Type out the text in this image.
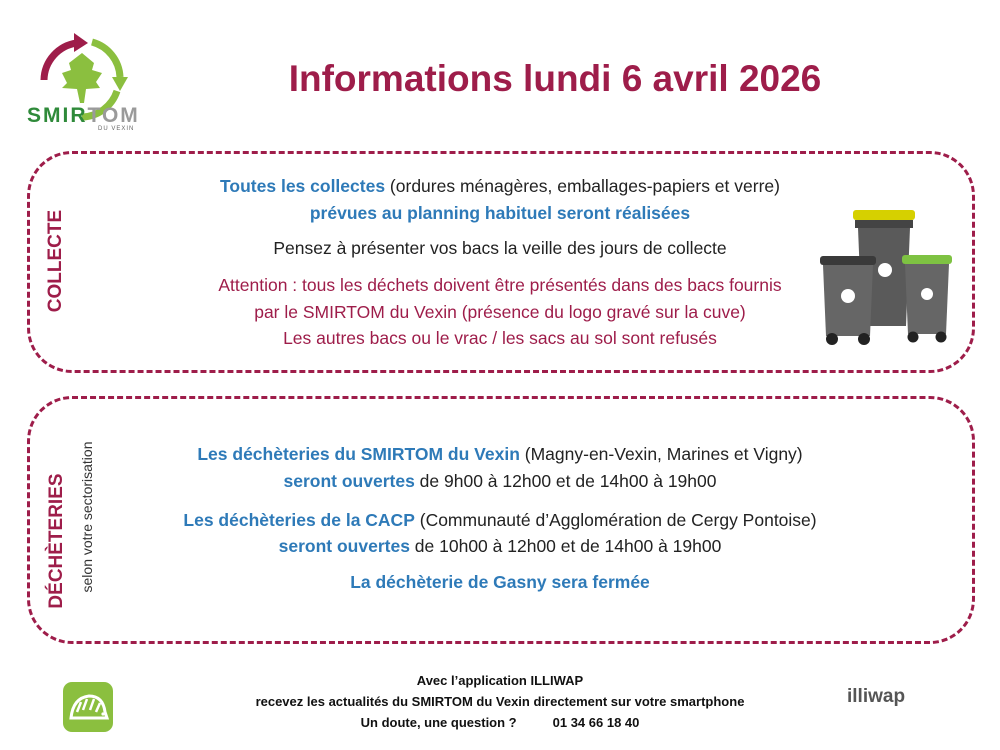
SMIRTOM
DU VEXIN
Informations lundi 6 avril 2026
COLLECTE
Toutes les collectes (ordures ménagères, emballages-papiers et verre)
prévues au planning habituel seront réalisées
Pensez à présenter vos bacs la veille des jours de collecte
Attention : tous les déchets doivent être présentés dans des bacs fournis
par le SMIRTOM du Vexin (présence du logo gravé sur la cuve)
Les autres bacs ou le vrac / les sacs au sol sont refusés
DÉCHÈTERIES selon votre sectorisation	Les déchèteries du SMIRTOM du Vexin (Magny-en-Vexin, Marines et Vigny)
seront ouvertes de 9h00 à 12h00 et de 14h00 à 19h00
Les déchèteries de la CACP (Communauté d’Agglomération de Cergy Pontoise)
seront ouvertes de 10h00 à 12h00 et de 14h00 à 19h00
La déchèterie de Gasny sera fermée
Avec l’application ILLIWAP
recevez les actualités du SMIRTOM du Vexin directement sur votre smartphone
Un doute, une question ?	01 34 66 18 40
illiwap
